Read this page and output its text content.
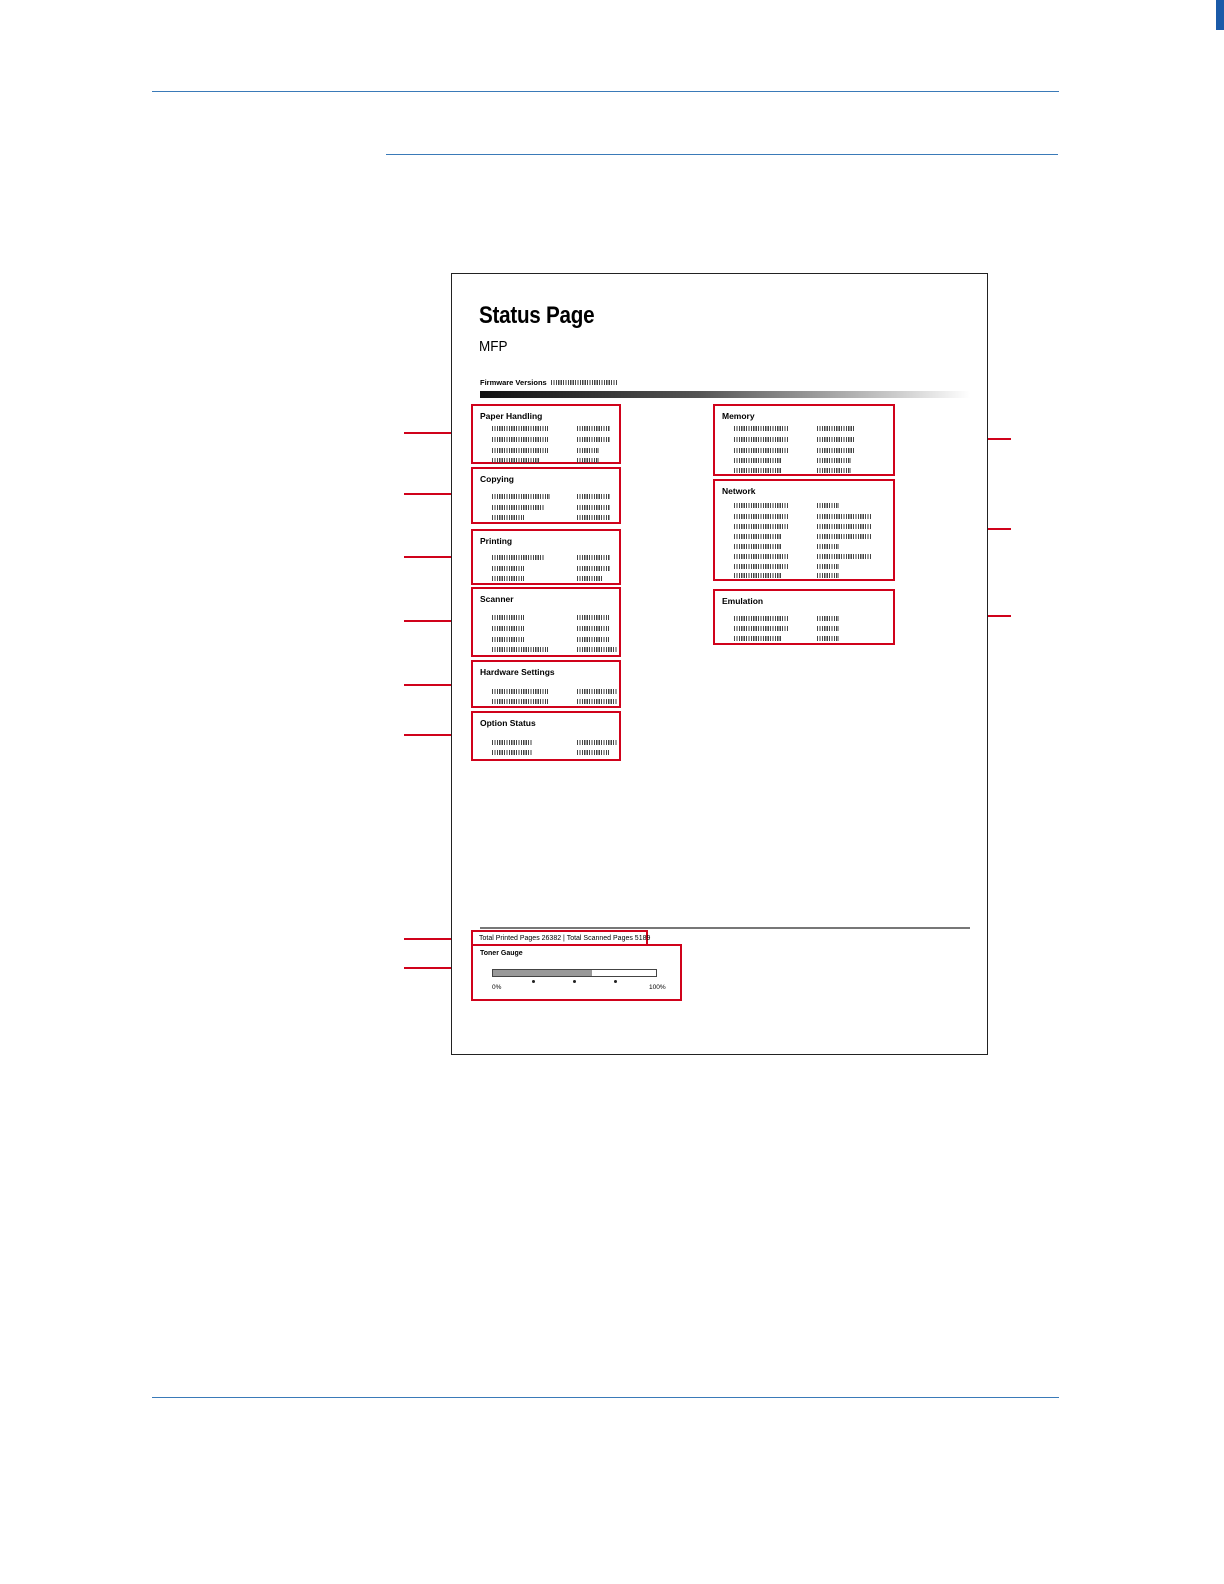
Status Page
MFP
Firmware Versions
Paper Handling
Copying
Printing
Scanner
Hardware Settings
Option Status
Memory
Network
Emulation
Total Printed Pages 26382 | Total Scanned Pages 5189
Toner Gauge
0%	100%
